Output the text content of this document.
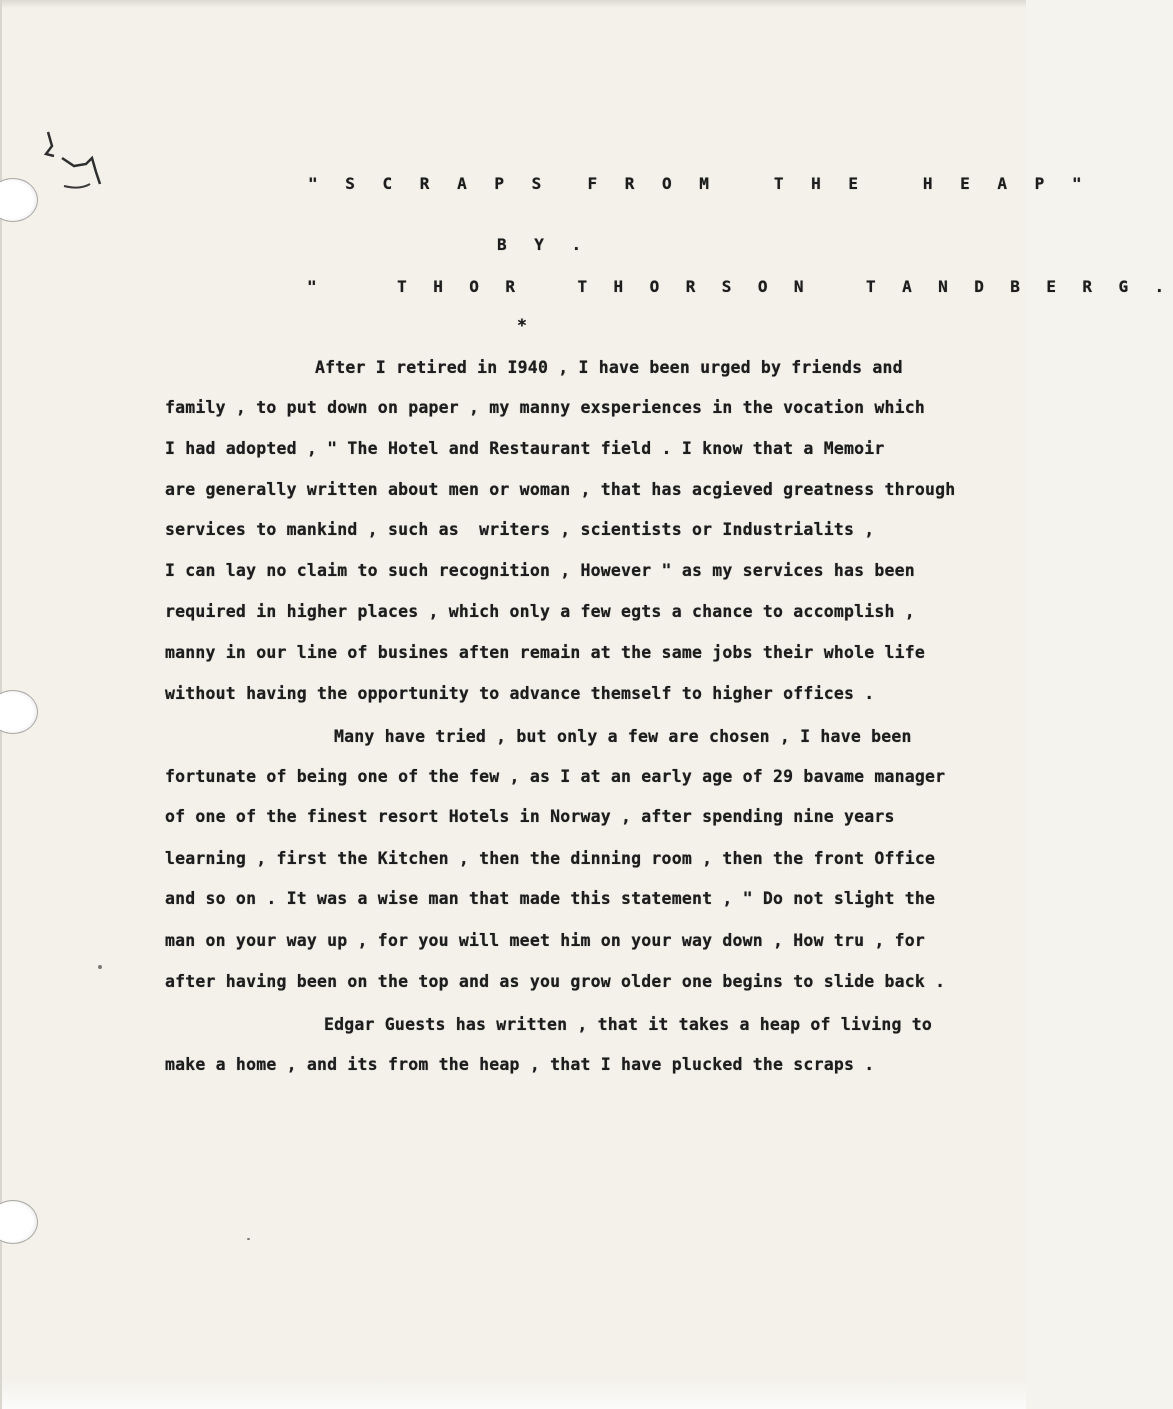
" S C R A P S  F R O M   T H E   H E A P "
B Y .
"    T H O R   T H O R S O N   T A N D B E R G .
*
After I retired in I940 , I have been urged by friends and
family , to put down on paper , my manny exsperiences in the vocation which
I had adopted , " The Hotel and Restaurant field . I know that a Memoir
are generally written about men or woman , that has acgieved greatness through
services to mankind , such as  writers , scientists or Industrialits ,
I can lay no claim to such recognition , However " as my services has been
required in higher places , which only a few egts a chance to accomplish ,
manny in our line of busines aften remain at the same jobs their whole life
without having the opportunity to advance themself to higher offices .
Many have tried , but only a few are chosen , I have been
fortunate of being one of the few , as I at an early age of 29 bavame manager
of one of the finest resort Hotels in Norway , after spending nine years
learning , first the Kitchen , then the dinning room , then the front Office
and so on . It was a wise man that made this statement , " Do not slight the
man on your way up , for you will meet him on your way down , How tru , for
after having been on the top and as you grow older one begins to slide back .
Edgar Guests has written , that it takes a heap of living to
make a home , and its from the heap , that I have plucked the scraps .
